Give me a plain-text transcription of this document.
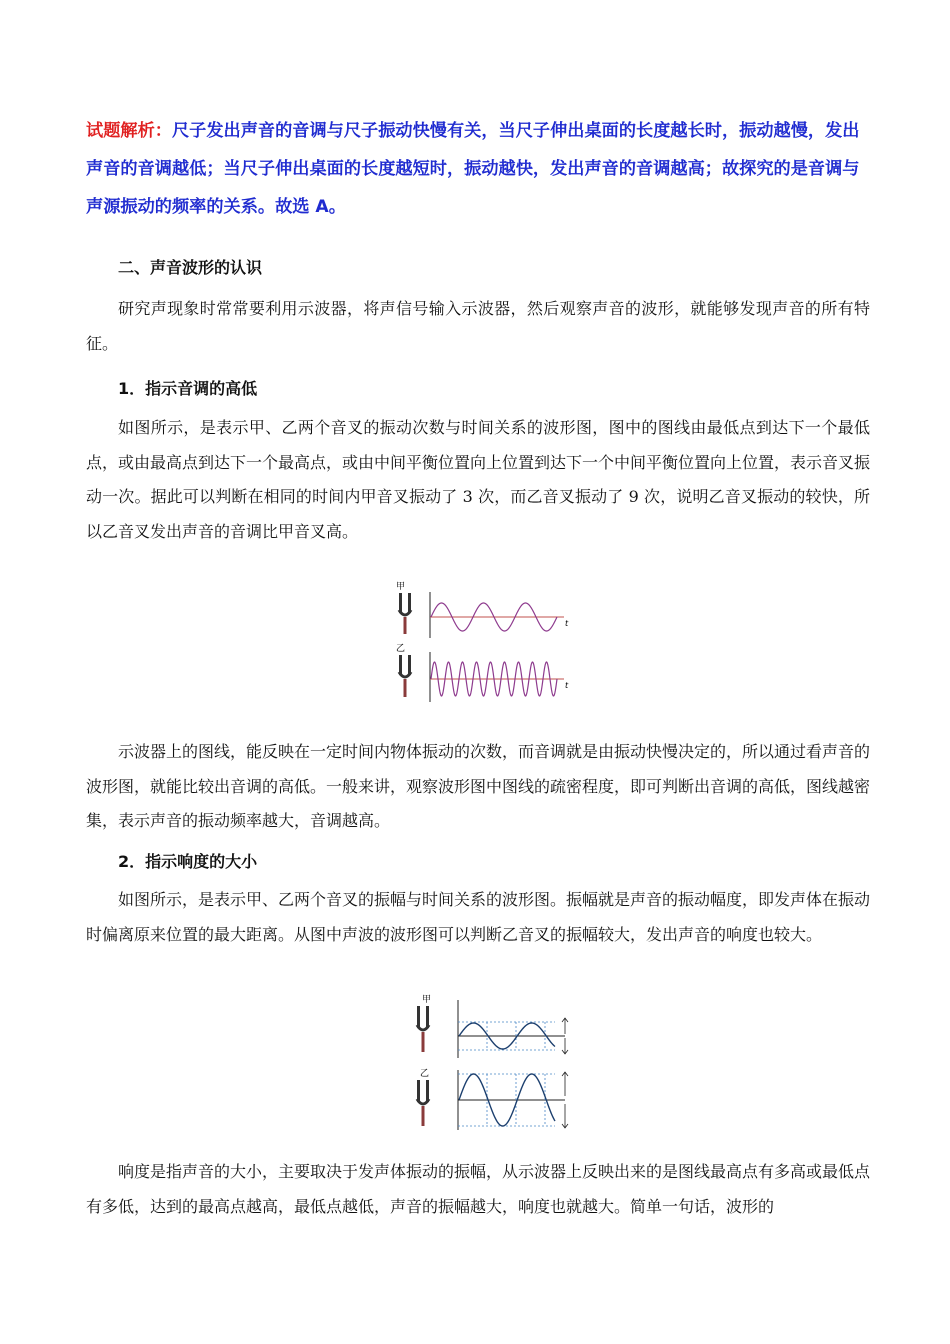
试题解析：尺子发出声音的音调与尺子振动快慢有关，当尺子伸出桌面的长度越长时，振动越慢，发出声音的音调越低；当尺子伸出桌面的长度越短时，振动越快，发出声音的音调越高；故探究的是音调与声源振动的频率的关系。故选 A。
二、声音波形的认识
研究声现象时常常要利用示波器，将声信号输入示波器，然后观察声音的波形，就能够发现声音的所有特征。
1．指示音调的高低
如图所示，是表示甲、乙两个音叉的振动次数与时间关系的波形图，图中的图线由最低点到达下一个最低点，或由最高点到达下一个最高点，或由中间平衡位置向上位置到达下一个中间平衡位置向上位置，表示音叉振动一次。据此可以判断在相同的时间内甲音叉振动了 3 次，而乙音叉振动了 9 次，说明乙音叉振动的较快，所以乙音叉发出声音的音调比甲音叉高。
甲
乙
t
t
示波器上的图线，能反映在一定时间内物体振动的次数，而音调就是由振动快慢决定的，所以通过看声音的波形图，就能比较出音调的高低。一般来讲，观察波形图中图线的疏密程度，即可判断出音调的高低，图线越密集，表示声音的振动频率越大，音调越高。
2．指示响度的大小
如图所示，是表示甲、乙两个音叉的振幅与时间关系的波形图。振幅就是声音的振动幅度，即发声体在振动时偏离原来位置的最大距离。从图中声波的波形图可以判断乙音叉的振幅较大，发出声音的响度也较大。
甲
乙
响度是指声音的大小，主要取决于发声体振动的振幅，从示波器上反映出来的是图线最高点有多高或最低点有多低，达到的最高点越高，最低点越低，声音的振幅越大，响度也就越大。简单一句话，波形的
